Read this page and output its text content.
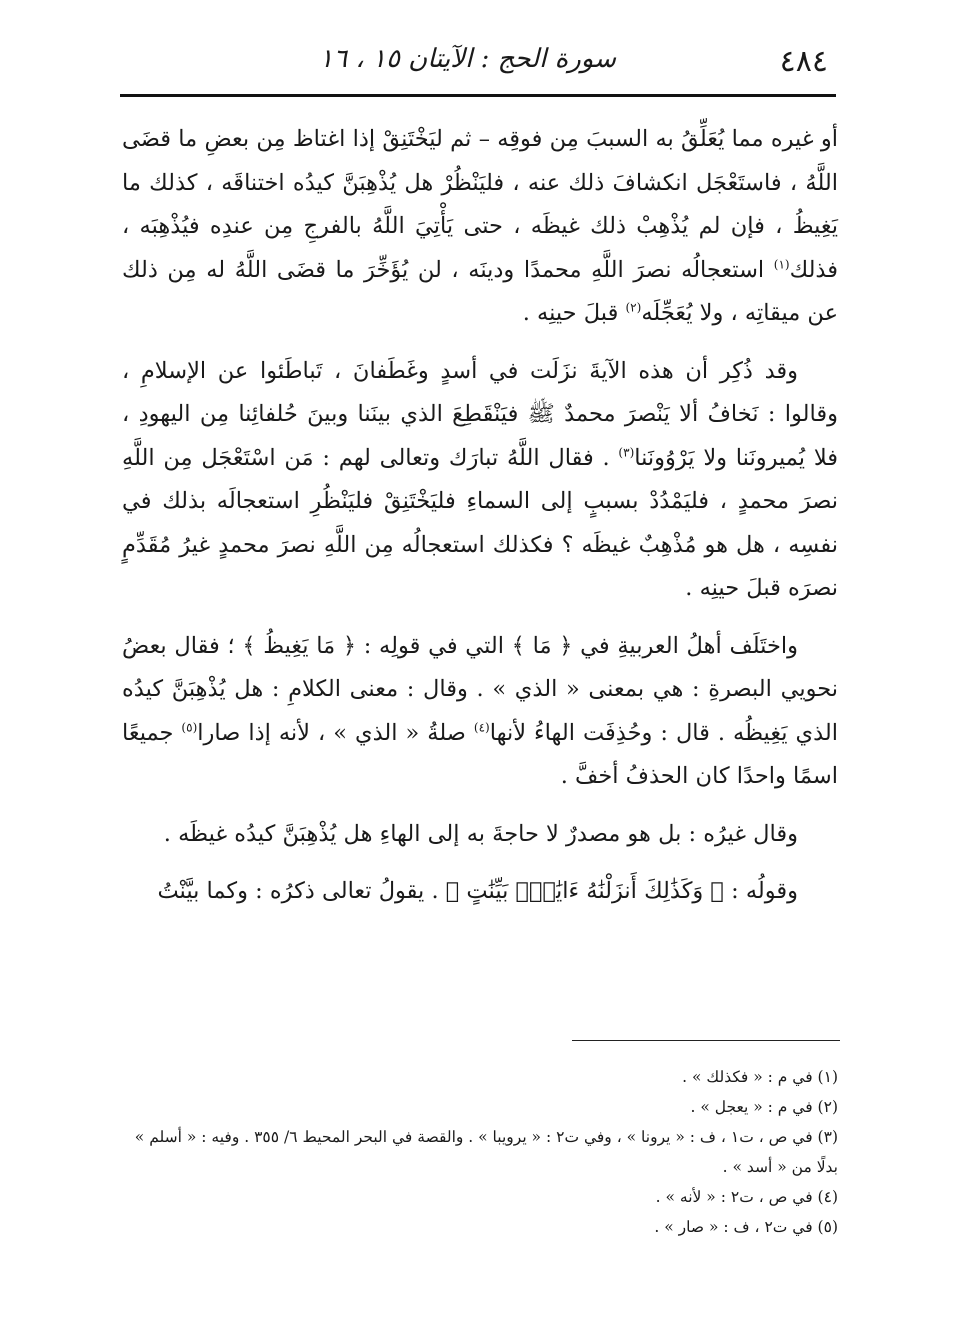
٤٨٤
سورة الحج : الآيتان ١٥ ، ١٦

أو غيره مما يُعَلِّقُ به السببَ مِن فوقِه – ثم ليَخْتَنِقْ إذا اغتاظ مِن بعضِ ما قضَى اللَّهُ ، فاستَعْجَل انكشافَ ذلك عنه ، فليَنْظُرْ هل يُذْهِبَنَّ كيدُه اختناقَه ، كذلك ما يَغِيظُ ، فإن لم يُذْهِبْ ذلك غيظَه ، حتى يَأْتِيَ اللَّهُ بالفرجِ مِن عندِه فيُذْهِبَه ، فذلك$^{(١)}$ استعجالُه نصرَ اللَّهِ محمدًا ودينَه ، لن يُؤَخِّرَ ما قضَى اللَّهُ له مِن ذلك عن ميقاتِه ، ولا يُعَجِّلَه$^{(٢)}$ قبلَ حينِه .

وقد ذُكِر أن هذه الآيةَ نزَلَت في أسدٍ وغَطَفانَ ، تَباطَئوا عن الإسلامِ ، وقالوا : نَخافُ ألا يَنْصرَ محمدٌ ﷺ فيَنْقَطِعَ الذي بينَنا وبينَ حُلفائِنا مِن اليهودِ ، فلا يُميرونَنا ولا يَرْوُونَنا$^{(٣)}$ . فقال اللَّهُ تبارَك وتعالى لهم : مَن اسْتَعْجَل مِن اللَّهِ نصرَ محمدٍ ، فليَمْدُدْ بسببٍ إلى السماءِ فليَخْتَنِقْ فليَنْظُرِ استعجالَه بذلك في نفسِه ، هل هو مُذْهِبٌ غيظَه ؟ فكذلك استعجالُه مِن اللَّهِ نصرَ محمدٍ غيرُ مُقَدِّمٍ نصرَه قبلَ حينِه .

واختَلَف أهلُ العربيةِ في ﴿ مَا ﴾ التي في قولِه : ﴿ مَا يَغِيظُ ﴾ ؛ فقال بعضُ نحويي البصرةِ : هي بمعنى « الذي » . وقال : معنى الكلامِ : هل يُذْهِبَنَّ كيدُه الذي يَغِيظُه . قال : وحُذِفَت الهاءُ لأنها$^{(٤)}$ صلةُ « الذي » ، لأنه إذا صارا$^{(٥)}$ جميعًا اسمًا واحدًا كان الحذفُ أخفَّ .

وقال غيرُه : بل هو مصدرٌ لا حاجةَ به إلى الهاءِ هل يُذْهِبَنَّ كيدُه غيظَه .

وقولُه : ﴿ وَكَذَٰلِكَ أَنزَلْنَٰهُ ءَايَٰتٍۭ بَيِّنَٰتٍ ﴾ . يقولُ تعالى ذكرُه : وكما بيَّنْتُ

(١) في م : « فكذلك » .

(٢) في م : « يعجل » .

(٣) في ص ، ت١ ، ف : « يرونا » ، وفي ت٢ : « يرويبا » . والقصة في البحر المحيط ٦/ ٣٥٥ . وفيه : « أسلم » بدلًا من « أسد » .

(٤) في ص ، ت٢ : « لأنه » .

(٥) في ت٢ ، ف : « صار » .
